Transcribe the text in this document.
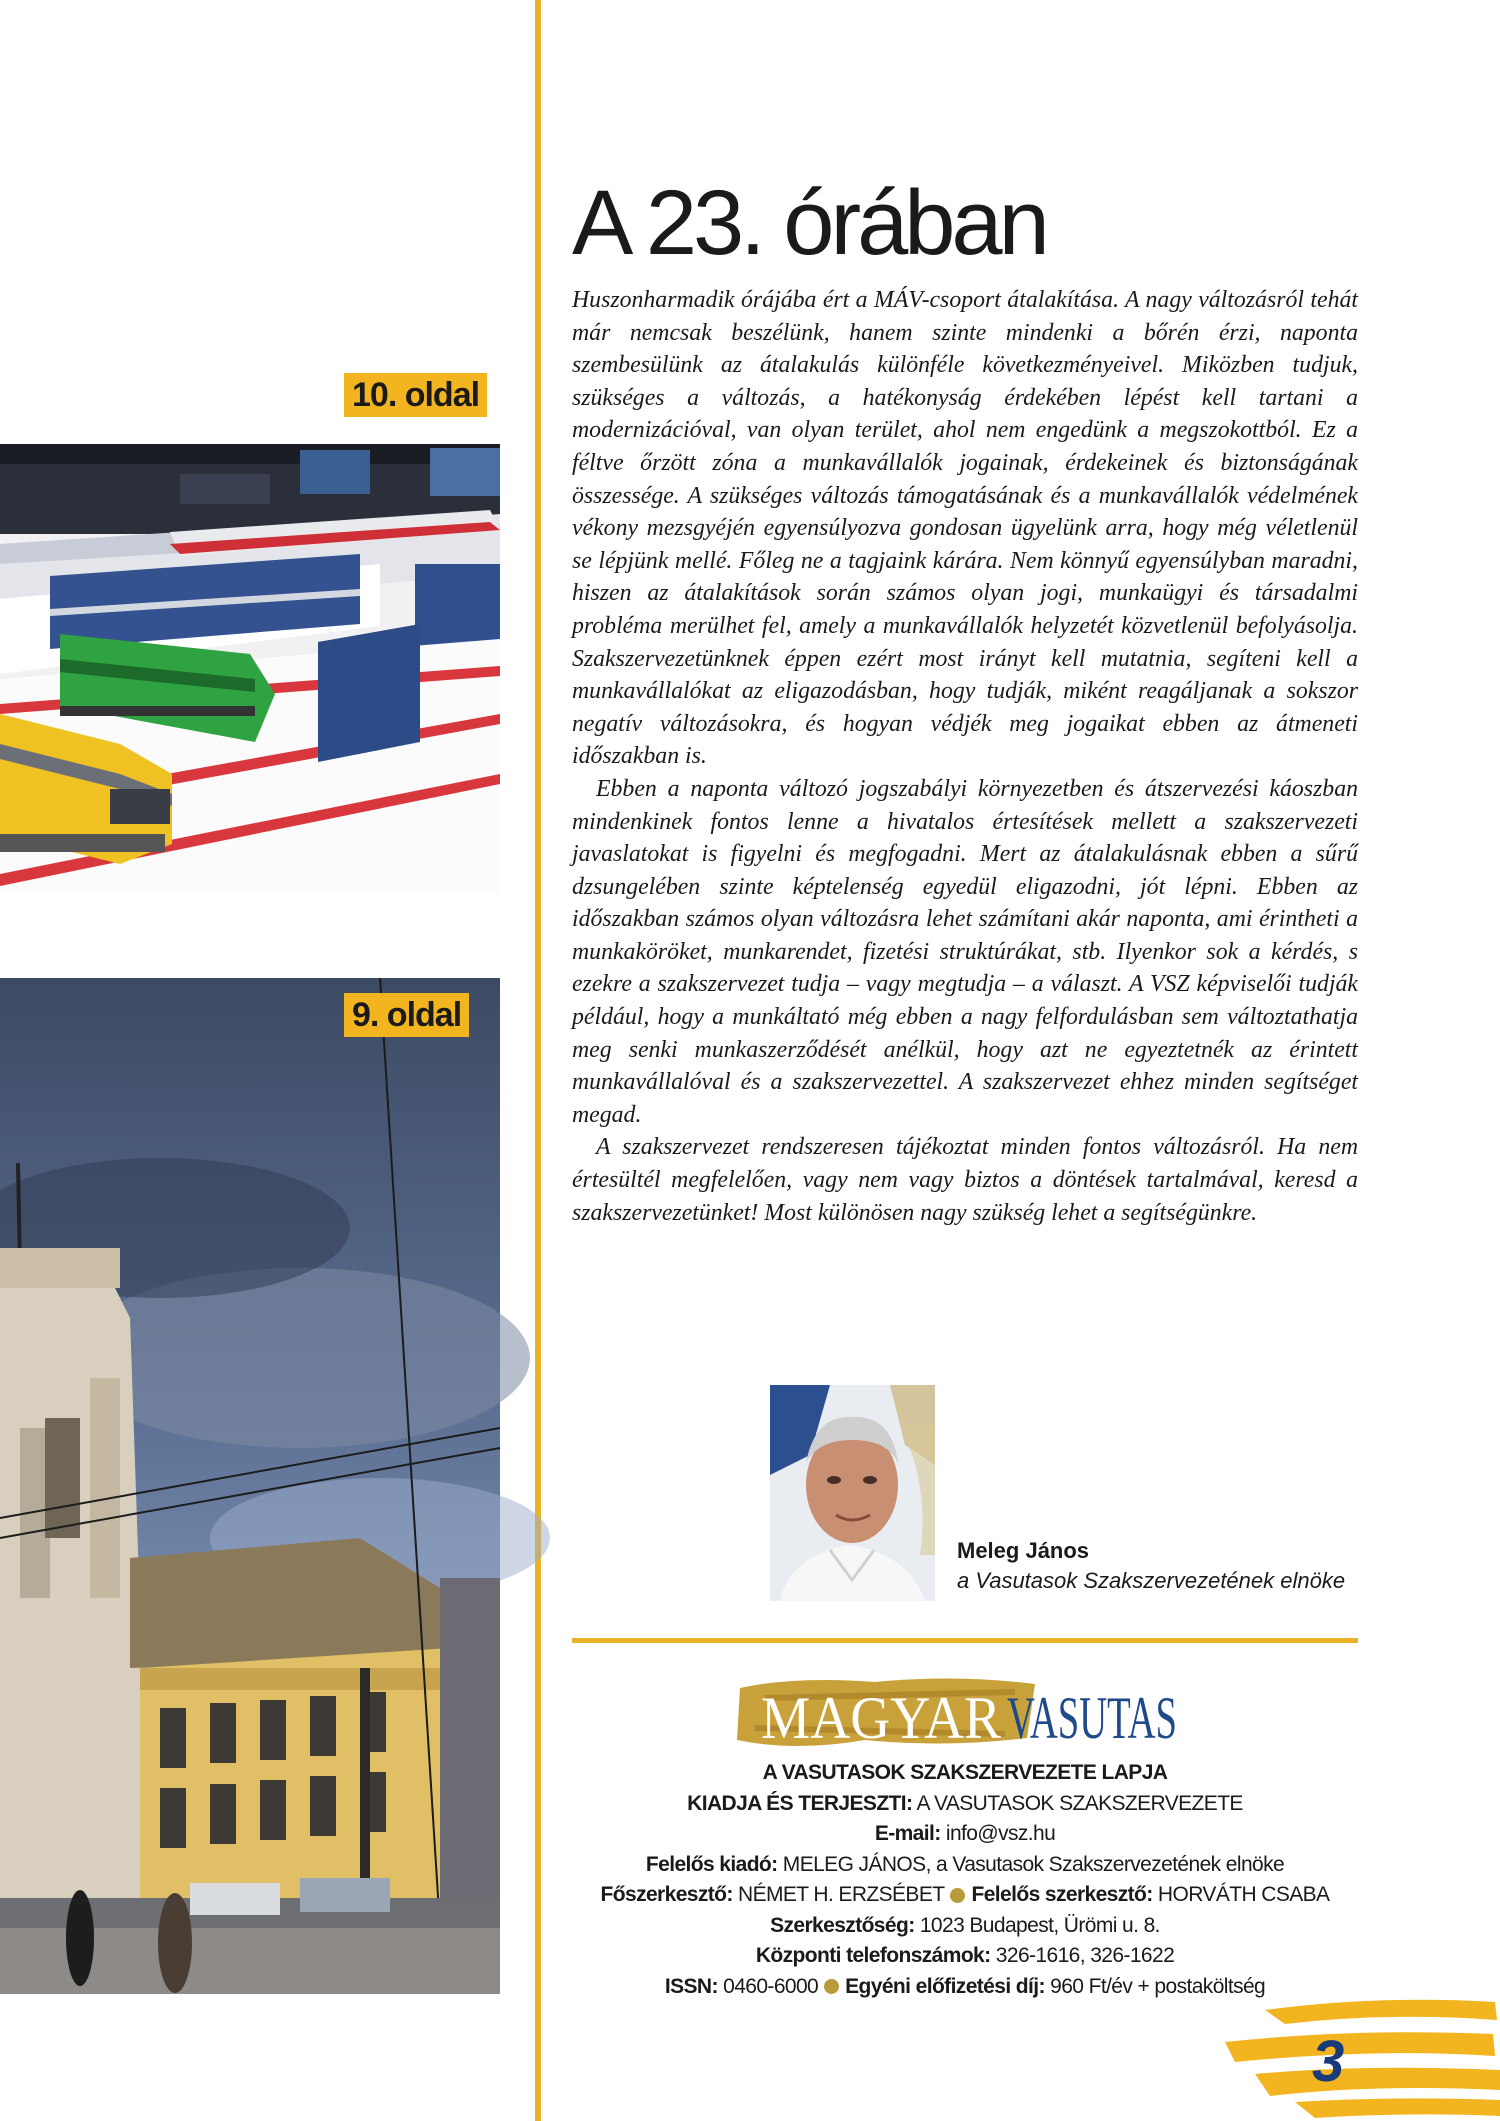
10. oldal
9. oldal
A 23. órában

Huszonharmadik órájába ért a MÁV-csoport átalakítása. A nagy változásról tehát már nemcsak beszélünk, hanem szinte mindenki a bőrén érzi, naponta szembesülünk az átalakulás különféle következményeivel. Miközben tudjuk, szükséges a változás, a hatékonyság érdekében lépést kell tartani a modernizációval, van olyan terület, ahol nem engedünk a megszokottból. Ez a féltve őrzött zóna a munkavállalók jogainak, érdekeinek és biztonságának összessége. A szükséges változás támogatásának és a munkavállalók védelmének vékony mezsgyéjén egyensúlyozva gondosan ügyelünk arra, hogy még véletlenül se lépjünk mellé. Főleg ne a tagjaink kárára. Nem könnyű egyensúlyban maradni, hiszen az átalakítások során számos olyan jogi, munkaügyi és társadalmi probléma merülhet fel, amely a munkavállalók helyzetét közvetlenül befolyásolja. Szakszervezetünknek éppen ezért most irányt kell mutatnia, segíteni kell a munkavállalókat az eligazodásban, hogy tudják, miként reagáljanak a sokszor negatív változásokra, és hogyan védjék meg jogaikat ebben az átmeneti időszakban is.

Ebben a naponta változó jogszabályi környezetben és átszervezési káoszban mindenkinek fontos lenne a hivatalos értesítések mellett a szakszervezeti javaslatokat is figyelni és megfogadni. Mert az átalakulásnak ebben a sűrű dzsungelében szinte képtelenség egyedül eligazodni, jót lépni. Ebben az időszakban számos olyan változásra lehet számítani akár naponta, ami érintheti a munkaköröket, munkarendet, fizetési struktúrákat, stb. Ilyenkor sok a kérdés, s ezekre a szakszervezet tudja – vagy megtudja – a választ. A VSZ képviselői tudják például, hogy a munkáltató még ebben a nagy felfordulásban sem változtathatja meg senki munkaszerződését anélkül, hogy azt ne egyeztetnék az érintett munkavállalóval és a szakszervezettel. A szakszervezet ehhez minden segítséget megad.

A szakszervezet rendszeresen tájékoztat minden fontos változásról. Ha nem értesültél megfelelően, vagy nem vagy biztos a döntések tartalmával, keresd a szakszervezetünket! Most különösen nagy szükség lehet a segítségünkre.

Meleg János
a Vasutasok Szakszervezetének elnöke
MAGYAR VASUTAS
A VASUTASOK SZAKSZERVEZETE LAPJA
KIADJA ÉS TERJESZTI: A VASUTASOK SZAKSZERVEZETE
E-mail: info@vsz.hu
Felelős kiadó: MELEG JÁNOS, a Vasutasok Szakszervezetének elnöke
Főszerkesztő: NÉMET H. ERZSÉBET Felelős szerkesztő: HORVÁTH CSABA
Szerkesztőség: 1023 Budapest, Ürömi u. 8.
Központi telefonszámok: 326-1616, 326-1622
ISSN: 0460-6000 Egyéni előfizetési díj: 960 Ft/év + postaköltség
3
